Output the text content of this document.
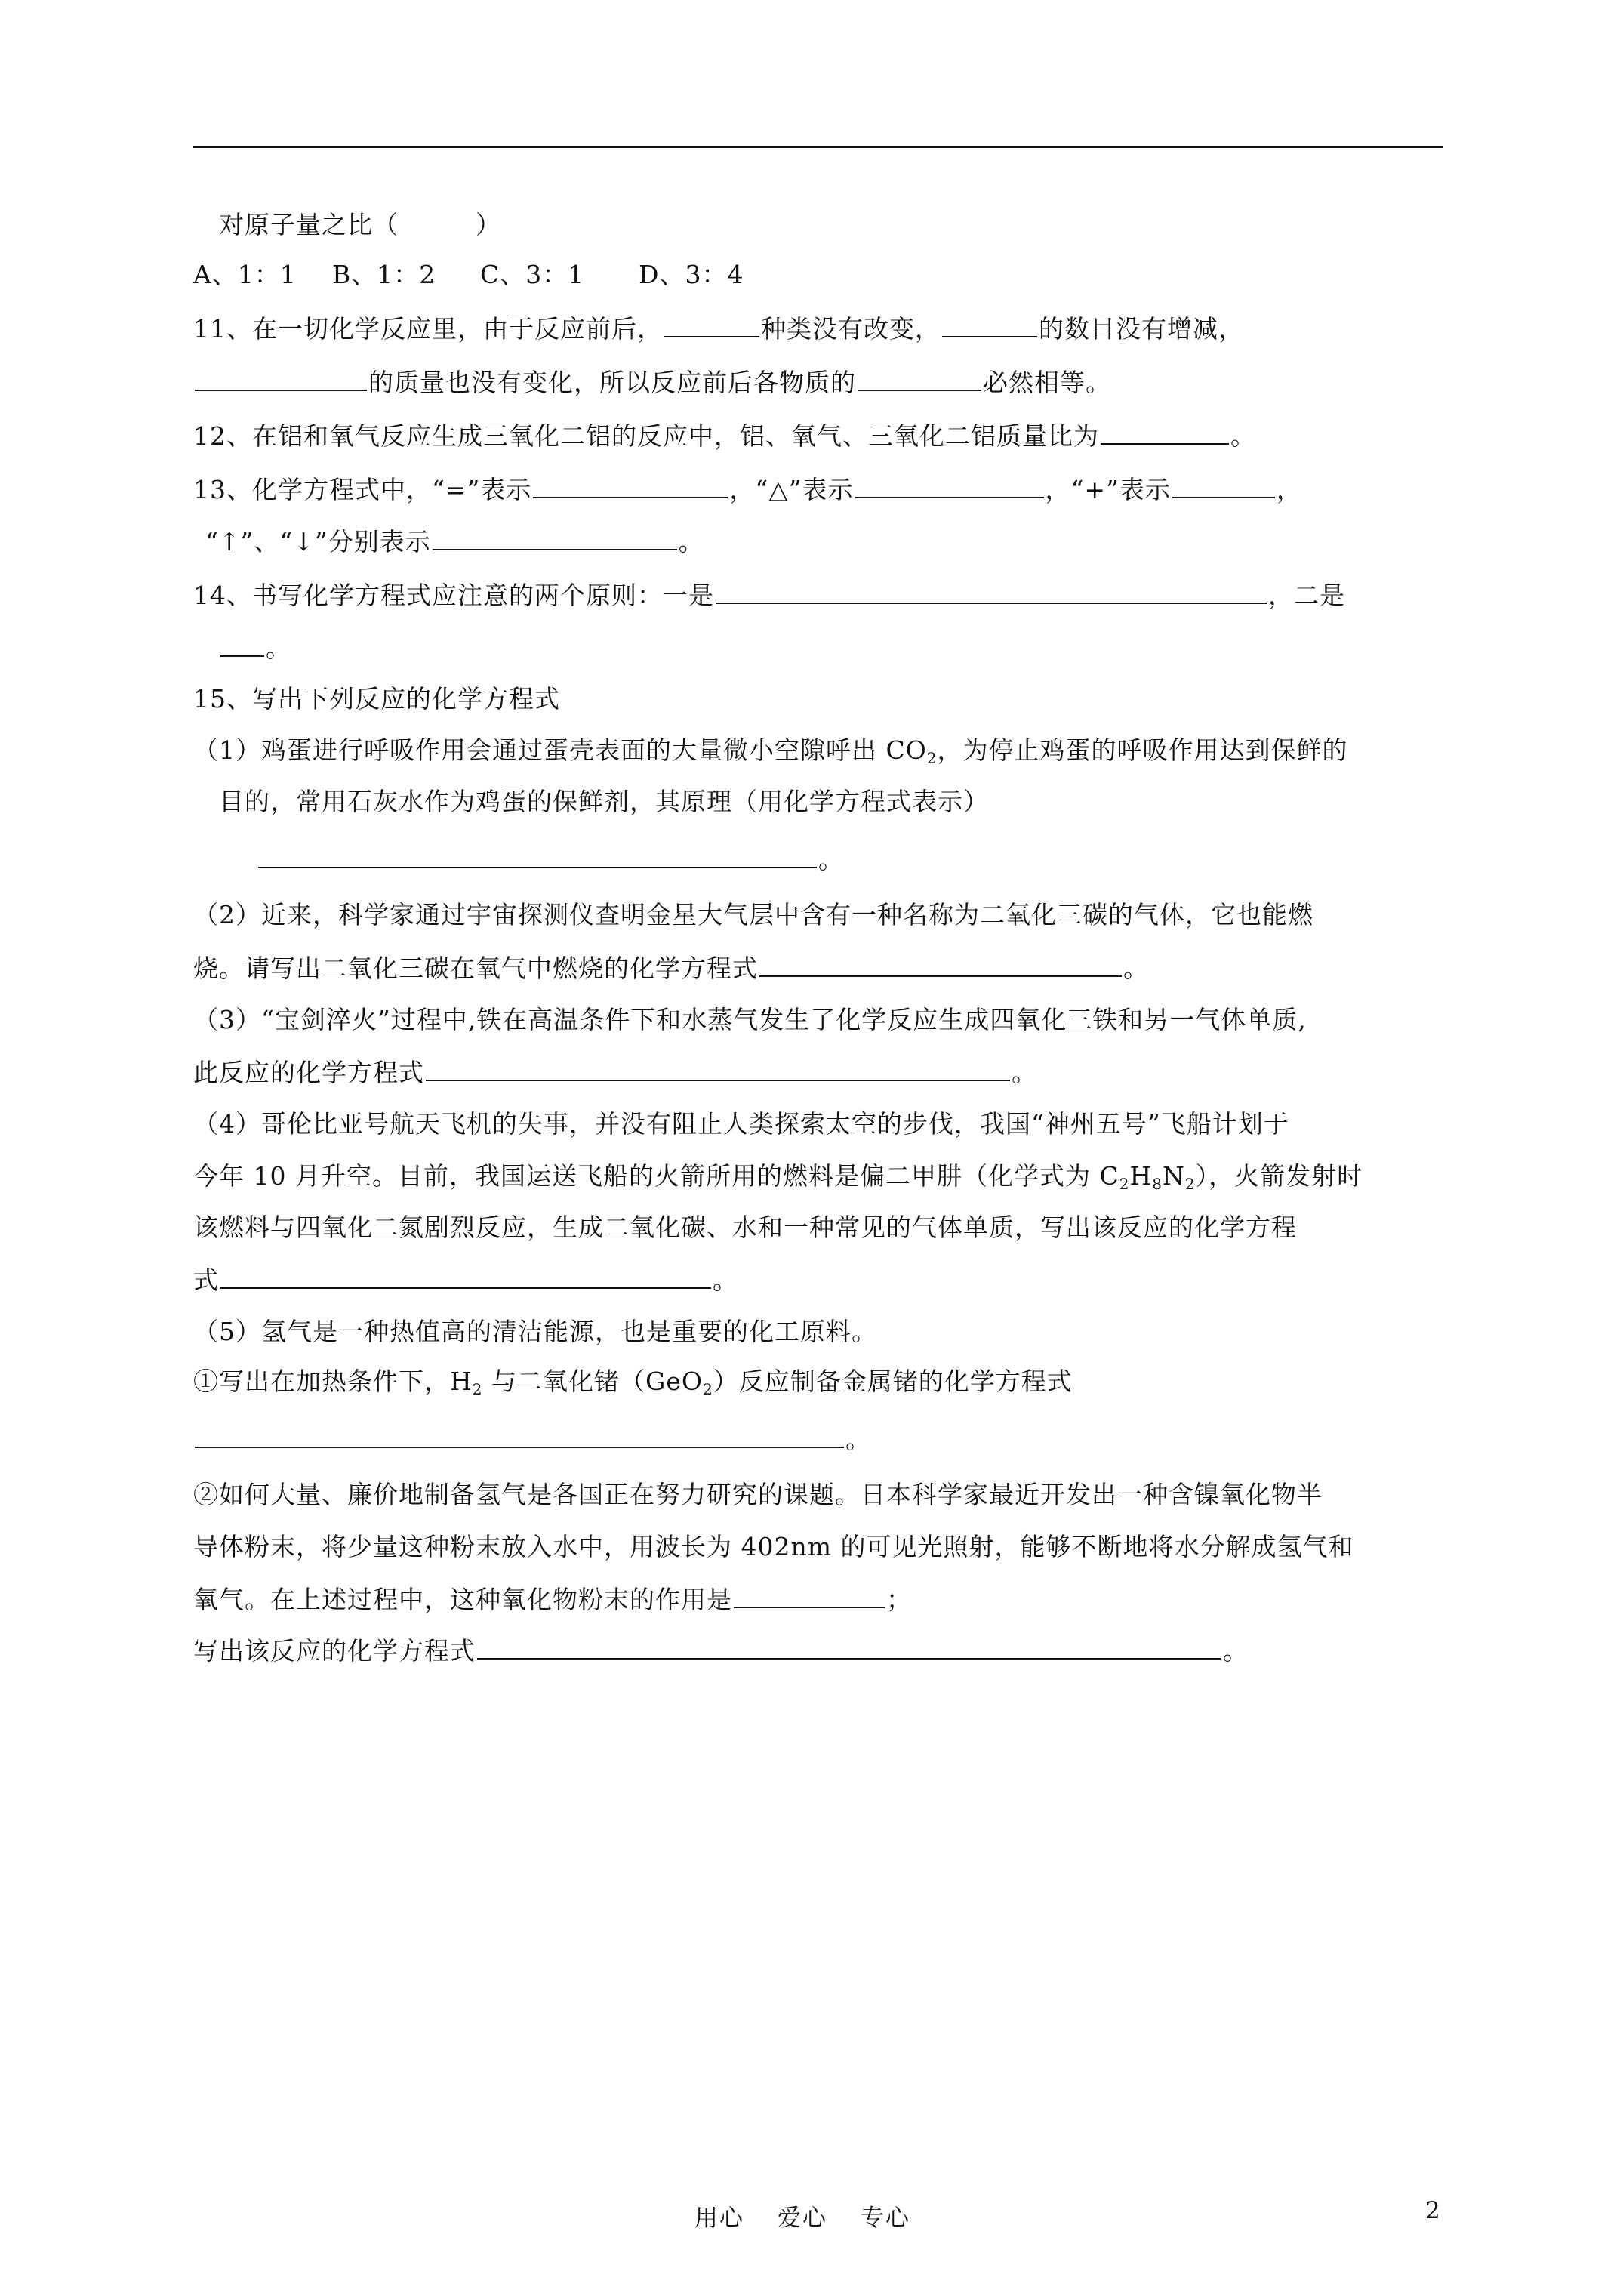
对原子量之比（　　　）
A、1：1 B、1：2 C、3：1 D、3：4
11、在一切化学反应里，由于反应前后，	种类没有改变，	的数目没有增减，
的质量也没有变化，所以反应前后各物质的	必然相等。
12、在铝和氧气反应生成三氧化二铝的反应中，铝、氧气、三氧化二铝质量比为	。
13、化学方程式中，“=”表示	，“△”表示	，“+”表示	，
“↑”、“↓”分别表示	。
14、书写化学方程式应注意的两个原则：一是	，二是
。
15、写出下列反应的化学方程式
（1）鸡蛋进行呼吸作用会通过蛋壳表面的大量微小空隙呼出 $CO_2$，为停止鸡蛋的呼吸作用达到保鲜的
目的，常用石灰水作为鸡蛋的保鲜剂，其原理（用化学方程式表示）
。
（2）近来，科学家通过宇宙探测仪查明金星大气层中含有一种名称为二氧化三碳的气体，它也能燃
烧。请写出二氧化三碳在氧气中燃烧的化学方程式	。
（3）“宝剑淬火”过程中,铁在高温条件下和水蒸气发生了化学反应生成四氧化三铁和另一气体单质,
此反应的化学方程式	。
（4）哥伦比亚号航天飞机的失事，并没有阻止人类探索太空的步伐，我国“神州五号”飞船计划于
今年 10 月升空。目前，我国运送飞船的火箭所用的燃料是偏二甲肼（化学式为 $C_2H_8N_2$），火箭发射时
该燃料与四氧化二氮剧烈反应，生成二氧化碳、水和一种常见的气体单质，写出该反应的化学方程
式	。
（5）氢气是一种热值高的清洁能源，也是重要的化工原料。
①写出在加热条件下，$H_2$ 与二氧化锗（GeO$_2$）反应制备金属锗的化学方程式
。
②如何大量、廉价地制备氢气是各国正在努力研究的课题。日本科学家最近开发出一种含镍氧化物半
导体粉末，将少量这种粉末放入水中，用波长为 402nm 的可见光照射，能够不断地将水分解成氢气和
氧气。在上述过程中，这种氧化物粉末的作用是	；
写出该反应的化学方程式	。
用心 爱心 专心	2
